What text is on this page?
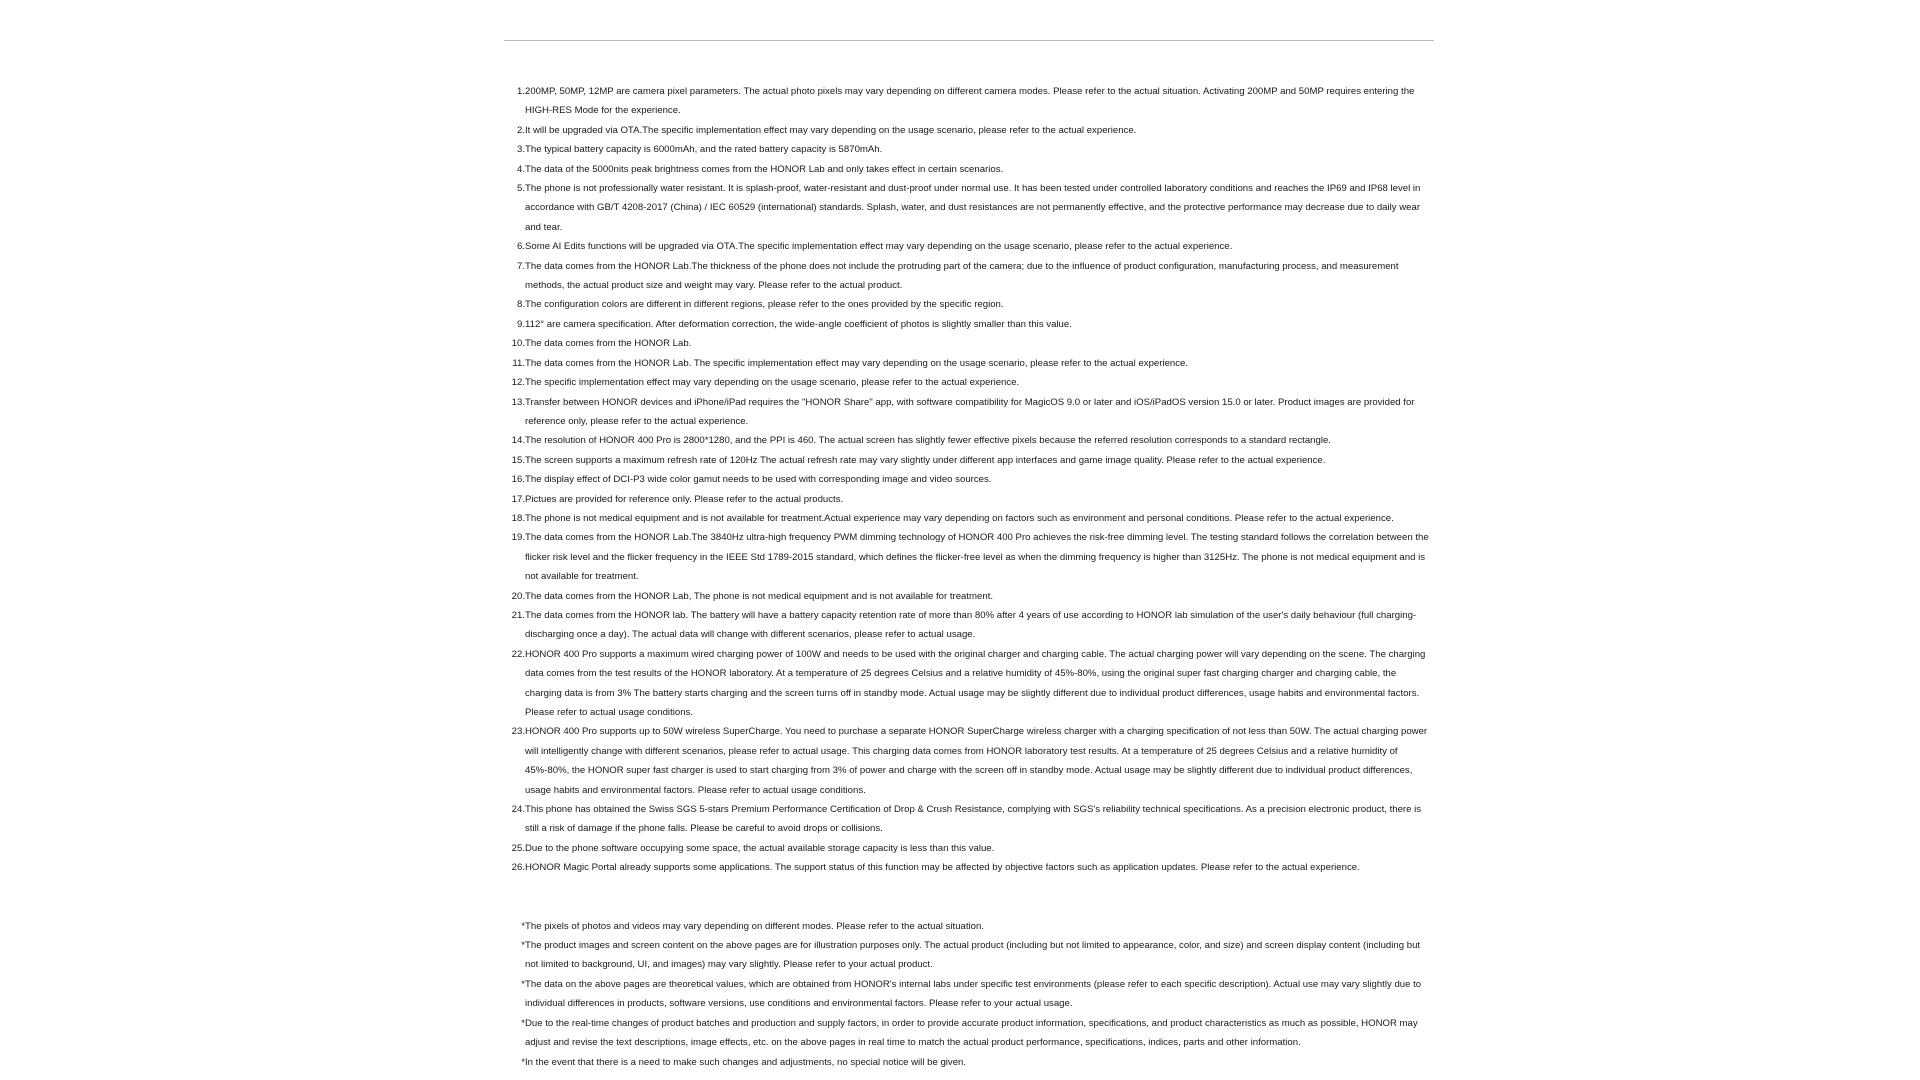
1. 200MP, 50MP, 12MP are camera pixel parameters. The actual photo pixels may vary depending on different camera modes. Please refer to the actual situation. Activating 200MP and 50MP requires entering the HIGH-RES Mode for the experience.
2. It will be upgraded via OTA.The specific implementation effect may vary depending on the usage scenario, please refer to the actual experience.
3. The typical battery capacity is 6000mAh, and the rated battery capacity is 5870mAh.
4. The data of the 5000nits peak brightness comes from the HONOR Lab and only takes effect in certain scenarios.
5. The phone is not professionally water resistant. It is splash-proof, water-resistant and dust-proof under normal use. It has been tested under controlled laboratory conditions and reaches the IP69 and IP68 level in accordance with GB/T 4208-2017 (China) / IEC 60529 (international) standards. Splash, water, and dust resistances are not permanently effective, and the protective performance may decrease due to daily wear and tear.
6. Some AI Edits functions will be upgraded via OTA.The specific implementation effect may vary depending on the usage scenario, please refer to the actual experience.
7. The data comes from the HONOR Lab.The thickness of the phone does not include the protruding part of the camera; due to the influence of product configuration, manufacturing process, and measurement methods, the actual product size and weight may vary. Please refer to the actual product.
8. The configuration colors are different in different regions, please refer to the ones provided by the specific region.
9. 112° are camera specification. After deformation correction, the wide-angle coefficient of photos is slightly smaller than this value.
10. The data comes from the HONOR Lab.
11. The data comes from the HONOR Lab. The specific implementation effect may vary depending on the usage scenario, please refer to the actual experience.
12. The specific implementation effect may vary depending on the usage scenario, please refer to the actual experience.
13. Transfer between HONOR devices and iPhone/iPad requires the "HONOR Share" app, with software compatibility for MagicOS 9.0 or later and iOS/iPadOS version 15.0 or later. Product images are provided for reference only, please refer to the actual experience.
14. The resolution of HONOR 400 Pro is 2800*1280, and the PPI is 460. The actual screen has slightly fewer effective pixels because the referred resolution corresponds to a standard rectangle.
15. The screen supports a maximum refresh rate of 120Hz The actual refresh rate may vary slightly under different app interfaces and game image quality. Please refer to the actual experience.
16. The display effect of DCI-P3 wide color gamut needs to be used with corresponding image and video sources.
17. Pictues are provided for reference only. Please refer to the actual products.
18. The phone is not medical equipment and is not available for treatment.Actual experience may vary depending on factors such as environment and personal conditions. Please refer to the actual experience.
19. The data comes from the HONOR Lab.The 3840Hz ultra-high frequency PWM dimming technology of HONOR 400 Pro achieves the risk-free dimming level. The testing standard follows the correlation between the flicker risk level and the flicker frequency in the IEEE Std 1789-2015 standard, which defines the flicker-free level as when the dimming frequency is higher than 3125Hz. The phone is not medical equipment and is not available for treatment.
20. The data comes from the HONOR Lab, The phone is not medical equipment and is not available for treatment.
21. The data comes from the HONOR lab. The battery will have a battery capacity retention rate of more than 80% after 4 years of use according to HONOR lab simulation of the user's daily behaviour (full charging-discharging once a day). The actual data will change with different scenarios, please refer to actual usage.
22. HONOR 400 Pro supports a maximum wired charging power of 100W and needs to be used with the original charger and charging cable. The actual charging power will vary depending on the scene. The charging data comes from the test results of the HONOR laboratory. At a temperature of 25 degrees Celsius and a relative humidity of 45%-80%, using the original super fast charging charger and charging cable, the charging data is from 3% The battery starts charging and the screen turns off in standby mode. Actual usage may be slightly different due to individual product differences, usage habits and environmental factors. Please refer to actual usage conditions.
23. HONOR 400 Pro supports up to 50W wireless SuperCharge. You need to purchase a separate HONOR SuperCharge wireless charger with a charging specification of not less than 50W. The actual charging power will intelligently change with different scenarios, please refer to actual usage. This charging data comes from HONOR laboratory test results. At a temperature of 25 degrees Celsius and a relative humidity of 45%-80%, the HONOR super fast charger is used to start charging from 3% of power and charge with the screen off in standby mode. Actual usage may be slightly different due to individual product differences, usage habits and environmental factors. Please refer to actual usage conditions.
24. This phone has obtained the Swiss SGS 5-stars Premium Performance Certification of Drop & Crush Resistance, complying with SGS's reliability technical specifications. As a precision electronic product, there is still a risk of damage if the phone falls. Please be careful to avoid drops or collisions.
25. Due to the phone software occupying some space, the actual available storage capacity is less than this value.
26. HONOR Magic Portal already supports some applications. The support status of this function may be affected by objective factors such as application updates. Please refer to the actual experience.
* The pixels of photos and videos may vary depending on different modes. Please refer to the actual situation.
* The product images and screen content on the above pages are for illustration purposes only. The actual product (including but not limited to appearance, color, and size) and screen display content (including but not limited to background, UI, and images) may vary slightly. Please refer to your actual product.
* The data on the above pages are theoretical values, which are obtained from HONOR's internal labs under specific test environments (please refer to each specific description). Actual use may vary slightly due to individual differences in products, software versions, use conditions and environmental factors. Please refer to your actual usage.
* Due to the real-time changes of product batches and production and supply factors, in order to provide accurate product information, specifications, and product characteristics as much as possible, HONOR may adjust and revise the text descriptions, image effects, etc. on the above pages in real time to match the actual product performance, specifications, indices, parts and other information.
* In the event that there is a need to make such changes and adjustments, no special notice will be given.
